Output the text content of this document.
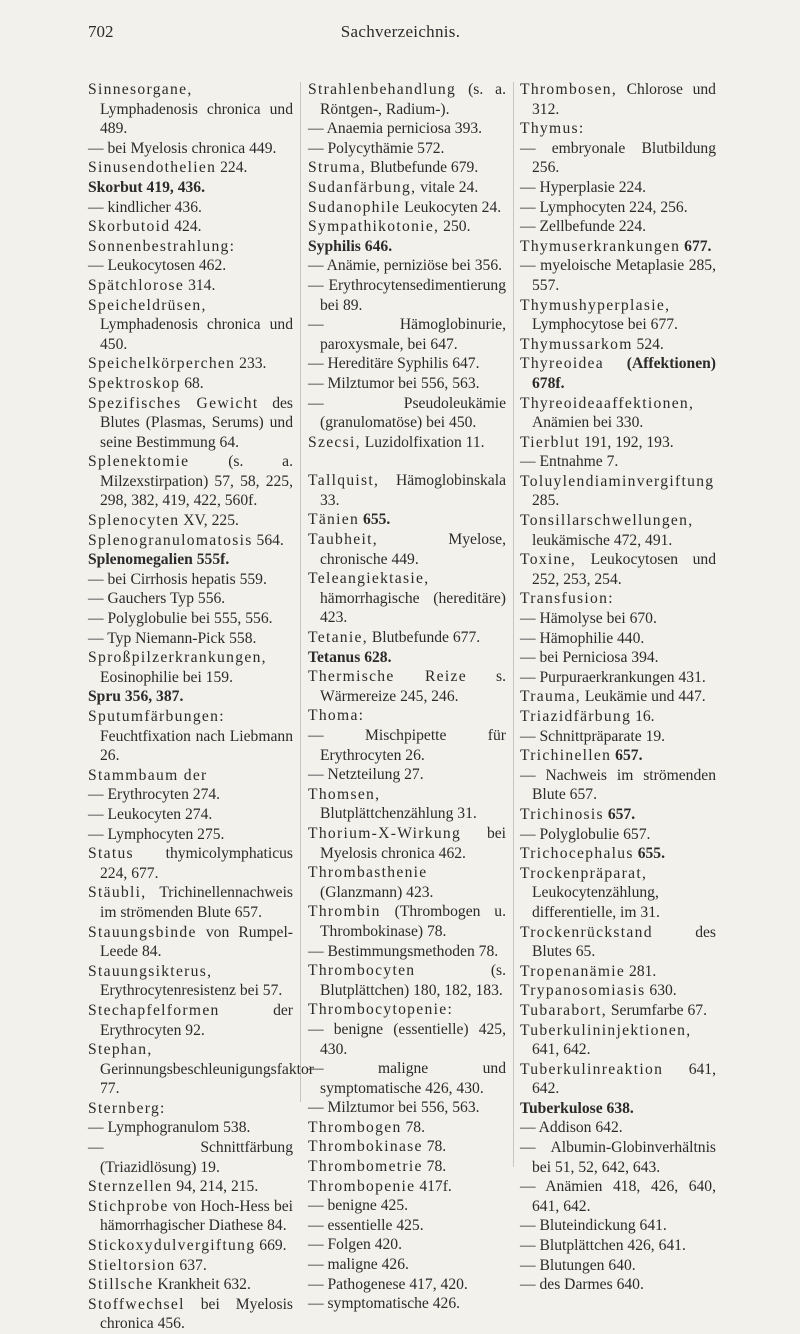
702	Sachverzeichnis.

Sinnesorgane, Lymphadenosis chronica und 489.

— bei Myelosis chronica 449.

Sinusendothelien 224.

Skorbut 419, 436.

— kindlicher 436.

Skorbutoid 424.

Sonnenbestrahlung:

— Leukocytosen 462.

Spätchlorose 314.

Speicheldrüsen, Lymphadenosis chronica und 450.

Speichelkörperchen 233.

Spektroskop 68.

Spezifisches Gewicht des Blutes (Plasmas, Serums) und seine Bestimmung 64.

Splenektomie (s. a. Milzexstirpation) 57, 58, 225, 298, 382, 419, 422, 560f.

Splenocyten XV, 225.

Splenogranulomatosis 564.

Splenomegalien 555f.

— bei Cirrhosis hepatis 559.

— Gauchers Typ 556.

— Polyglobulie bei 555, 556.

— Typ Niemann-Pick 558.

Sproßpilzerkrankungen, Eosinophilie bei 159.

Spru 356, 387.

Sputumfärbungen: Feuchtfixation nach Liebmann 26.

Stammbaum der

— Erythrocyten 274.

— Leukocyten 274.

— Lymphocyten 275.

Status thymicolymphaticus 224, 677.

Stäubli, Trichinellennachweis im strömenden Blute 657.

Stauungsbinde von Rumpel-Leede 84.

Stauungsikterus, Erythrocytenresistenz bei 57.

Stechapfelformen	der Erythrocyten 92.

Stephan, Gerinnungsbeschleunigungsfaktor 77.

Sternberg:

— Lymphogranulom 538.

— Schnittfärbung (Triazidlösung) 19.

Sternzellen 94, 214, 215.

Stichprobe von Hoch-Hess bei hämorrhagischer Diathese 84.

Stickoxydulvergiftung 669.

Stieltorsion 637.

Stillsche Krankheit 632.

Stoffwechsel bei Myelosis chronica 456.

Strahlenbehandlung (s. a. Röntgen-, Radium-).

— Anaemia perniciosa 393.

— Polycythämie 572.

Struma, Blutbefunde 679.

Sudanfärbung, vitale 24.

Sudanophile Leukocyten 24.

Sympathikotonie, 250.

Syphilis 646.

— Anämie, perniziöse bei 356.

— Erythrocytensedimentierung bei 89.

— Hämoglobinurie, paroxysmale, bei 647.

— Hereditäre Syphilis 647.

— Milztumor bei 556, 563.

— Pseudoleukämie (granulomatöse) bei 450.

Szecsi, Luzidolfixation 11.

Tallquist, Hämoglobinskala 33.

Tänien 655.

Taubheit,	Myelose, chronische 449.

Teleangiektasie, hämorrhagische (hereditäre) 423.

Tetanie, Blutbefunde 677.

Tetanus 628.

Thermische Reize s. Wärmereize 245, 246.

Thoma:

— Mischpipette für Erythrocyten 26.

— Netzteilung 27.

Thomsen, Blutplättchenzählung 31.

Thorium-X-Wirkung bei Myelosis chronica 462.

Thrombasthenie (Glanzmann) 423.

Thrombin (Thrombogen u. Thrombokinase) 78.

— Bestimmungsmethoden 78.

Thrombocyten	(s. Blutplättchen) 180, 182, 183.

Thrombocytopenie:

— benigne (essentielle) 425, 430.

— maligne und symptomatische 426, 430.

— Milztumor bei 556, 563.

Thrombogen 78.

Thrombokinase 78.

Thrombometrie 78.

Thrombopenie 417f.

— benigne 425.

— essentielle 425.

— Folgen 420.

— maligne 426.

— Pathogenese 417, 420.

— symptomatische 426.

Thrombosen, Chlorose und 312.

Thymus:

— embryonale Blutbildung 256.

— Hyperplasie 224.

— Lymphocyten 224, 256.

— Zellbefunde 224.

Thymuserkrankungen 677.

— myeloische Metaplasie 285, 557.

Thymushyperplasie, Lymphocytose bei 677.

Thymussarkom 524.

Thyreoidea (Affektionen) 678f.

Thyreoideaaffektionen, Anämien bei 330.

Tierblut 191, 192, 193.

— Entnahme 7.

Toluylendiaminvergiftung 285.

Tonsillarschwellungen, leukämische 472, 491.

Toxine, Leukocytosen und 252, 253, 254.

Transfusion:

— Hämolyse bei 670.

— Hämophilie 440.

— bei Perniciosa 394.

— Purpuraerkrankungen 431.

Trauma, Leukämie und 447.

Triazidfärbung 16.

— Schnittpräparate 19.

Trichinellen 657.

— Nachweis im strömenden Blute 657.

Trichinosis 657.

— Polyglobulie 657.

Trichocephalus 655.

Trockenpräparat, Leukocytenzählung, differentielle, im 31.

Trockenrückstand	des Blutes 65.

Tropenanämie 281.

Trypanosomiasis 630.

Tubarabort, Serumfarbe 67.

Tuberkulininjektionen, 641, 642.

Tuberkulinreaktion 641, 642.

Tuberkulose 638.

— Addison 642.

— Albumin-Globinverhältnis bei 51, 52, 642, 643.

— Anämien 418, 426, 640, 641, 642.

— Bluteindickung 641.

— Blutplättchen 426, 641.

— Blutungen 640.

— des Darmes 640.
